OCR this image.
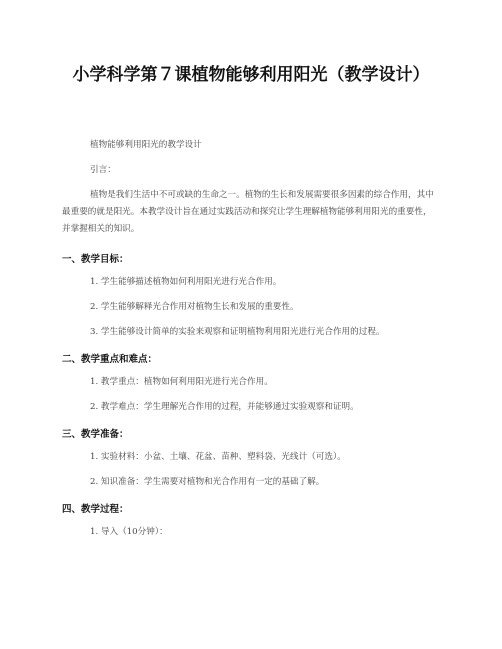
小学科学第７课植物能够利用阳光（教学设计）

植物能够利用阳光的教学设计

引言：

植物是我们生活中不可或缺的生命之一。植物的生长和发展需要很多因素的综合作用，其中最重要的就是阳光。本教学设计旨在通过实践活动和探究让学生理解植物能够利用阳光的重要性，并掌握相关的知识。

一、教学目标：

1. 学生能够描述植物如何利用阳光进行光合作用。

2. 学生能够解释光合作用对植物生长和发展的重要性。

3. 学生能够设计简单的实验来观察和证明植物利用阳光进行光合作用的过程。

二、教学重点和难点：

1. 教学重点：植物如何利用阳光进行光合作用。

2. 教学难点：学生理解光合作用的过程，并能够通过实验观察和证明。

三、教学准备：

1. 实验材料：小盆、土壤、花盆、苗种、塑料袋、光线计（可选）。

2. 知识准备：学生需要对植物和光合作用有一定的基础了解。

四、教学过程：

1. 导入（10分钟）：
